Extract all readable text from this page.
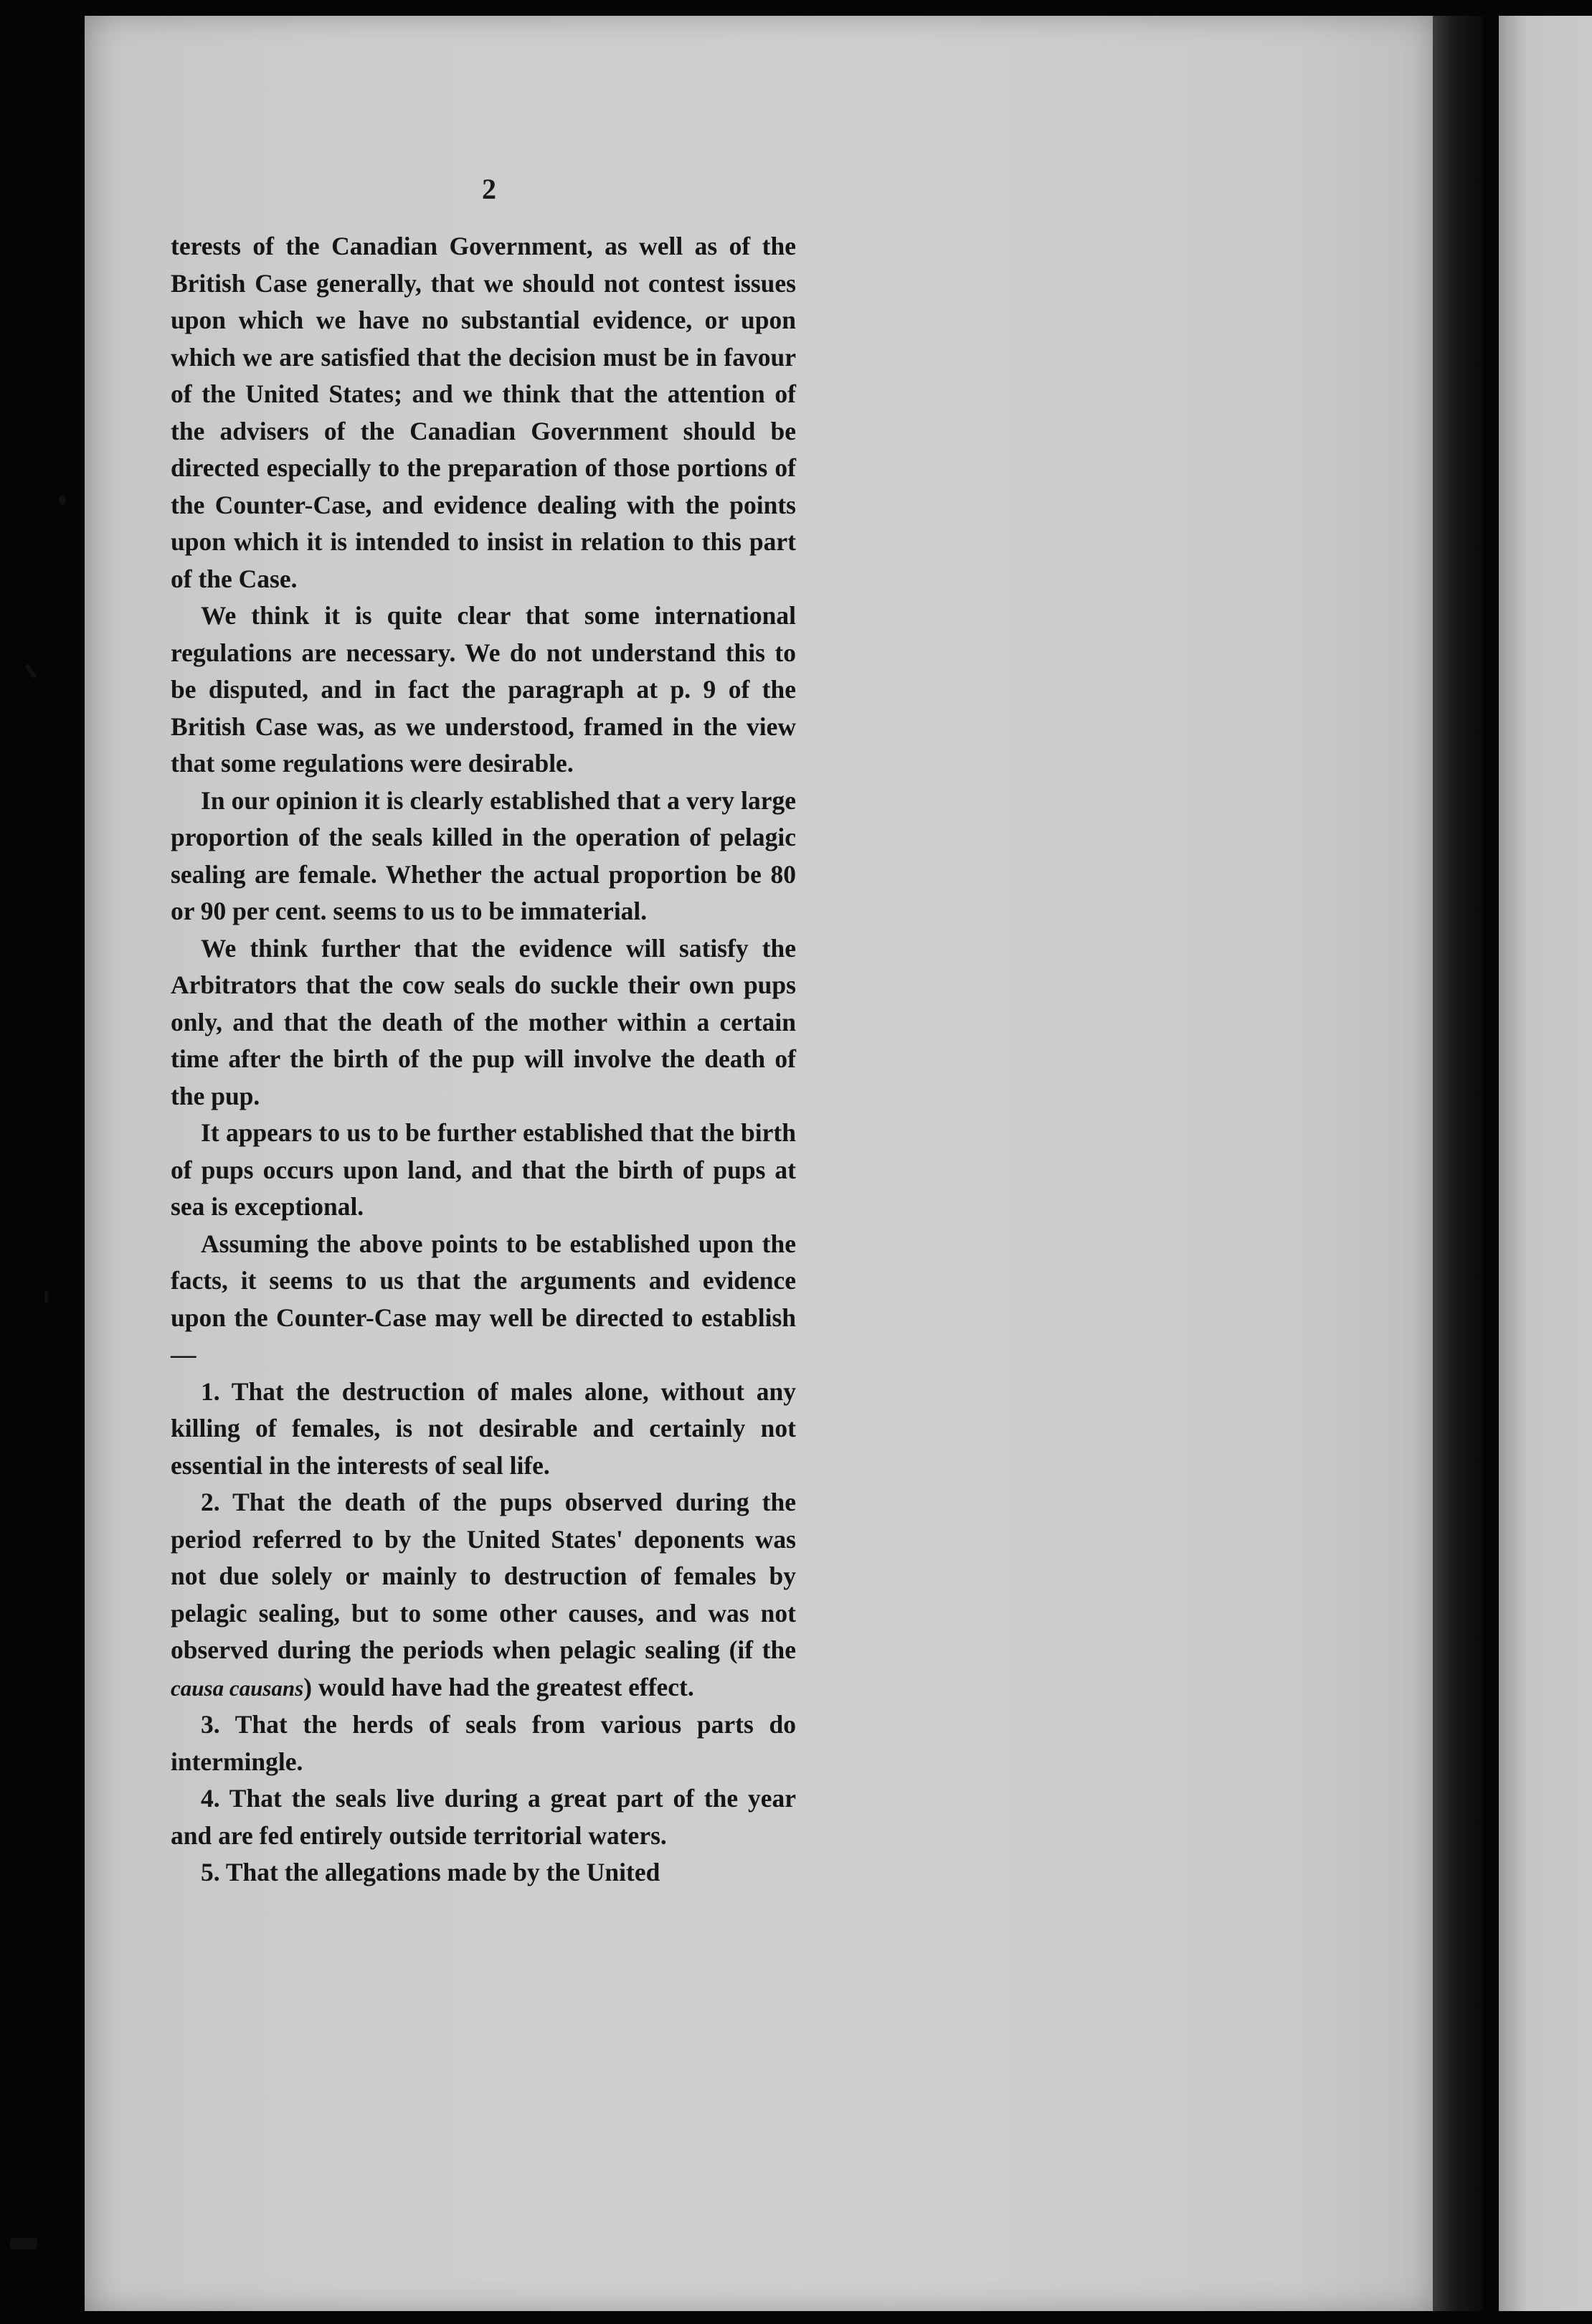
2

terests of the Canadian Government, as well as of the British Case generally, that we should not contest issues upon which we have no substantial evidence, or upon which we are satisfied that the decision must be in favour of the United States; and we think that the attention of the advisers of the Canadian Government should be directed especially to the preparation of those portions of the Counter-Case, and evidence dealing with the points upon which it is intended to insist in relation to this part of the Case.

We think it is quite clear that some international regulations are necessary. We do not understand this to be disputed, and in fact the paragraph at p. 9 of the British Case was, as we understood, framed in the view that some regulations were desirable.

In our opinion it is clearly established that a very large proportion of the seals killed in the operation of pelagic sealing are female. Whether the actual proportion be 80 or 90 per cent. seems to us to be immaterial.

We think further that the evidence will satisfy the Arbitrators that the cow seals do suckle their own pups only, and that the death of the mother within a certain time after the birth of the pup will involve the death of the pup.

It appears to us to be further established that the birth of pups occurs upon land, and that the birth of pups at sea is exceptional.

Assuming the above points to be established upon the facts, it seems to us that the arguments and evidence upon the Counter-Case may well be directed to establish—

1. That the destruction of males alone, without any killing of females, is not desirable and certainly not essential in the interests of seal life.

2. That the death of the pups observed during the period referred to by the United States' deponents was not due solely or mainly to destruction of females by pelagic sealing, but to some other causes, and was not observed during the periods when pelagic sealing (if the causa causans) would have had the greatest effect.

3. That the herds of seals from various parts do intermingle.

4. That the seals live during a great part of the year and are fed entirely outside territorial waters.

5. That the allegations made by the United
